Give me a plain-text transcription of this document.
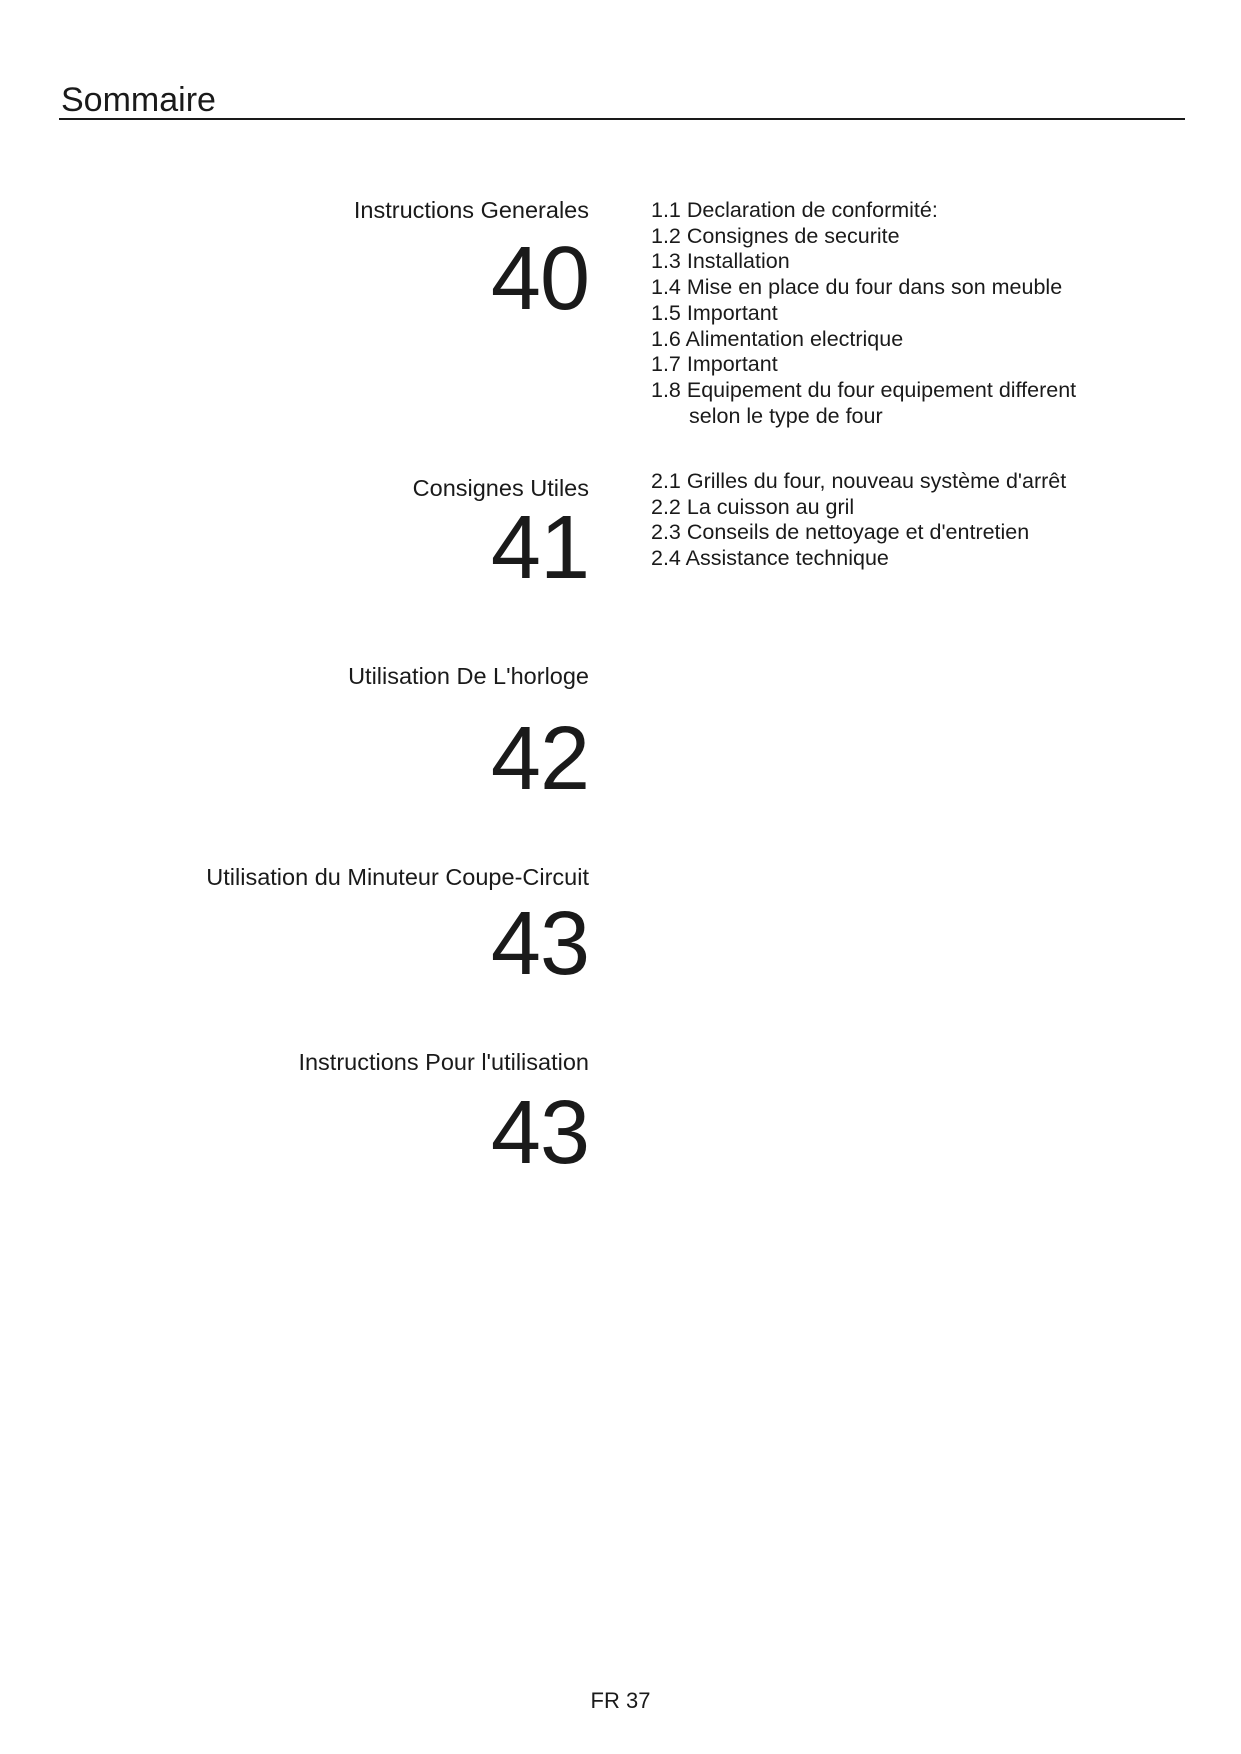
Sommaire
Instructions Generales
40
1.1 Declaration de conformité:
1.2 Consignes de securite
1.3 Installation
1.4 Mise en place du four dans son meuble
1.5 Important
1.6 Alimentation electrique
1.7 Important
1.8 Equipement du four equipement different
selon le type de four
Consignes Utiles
41
2.1 Grilles du four, nouveau système d'arrêt
2.2 La cuisson au gril
2.3 Conseils de nettoyage et d'entretien
2.4 Assistance technique
Utilisation De L'horloge
42
Utilisation du Minuteur Coupe-Circuit
43
Instructions Pour l'utilisation
43
FR 37
